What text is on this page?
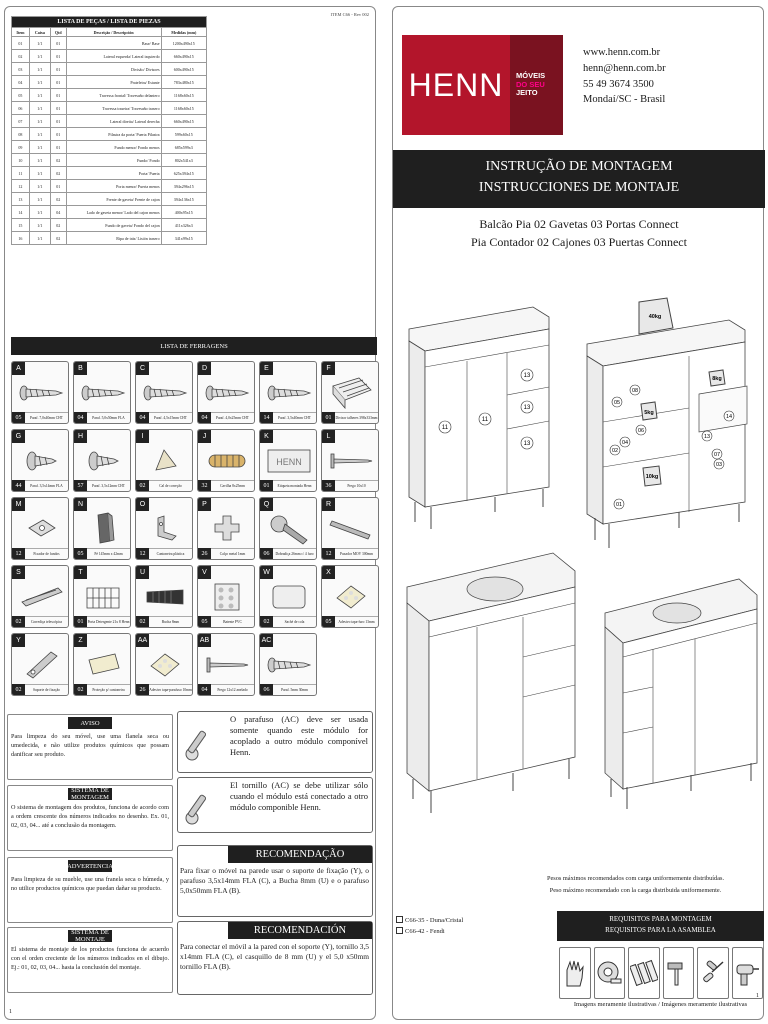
ITEM C66 - Rev 002
LISTA DE PEÇAS / LISTA DE PIEZAS				
Item	Caixa	Qtd	Descrição / Descripción	Medidas (mm)
01	1/1	01	Base/ Base	1200x490x15
02	1/1	01	Lateral esquerda/ Lateral izquierdo	660x490x15
03	1/1	01	Divisão/ Divisoes	600x490x15
04	1/1	01	Prateleira/ Estante	783x480x15
05	1/1	01	Travessa frontal/ Travesaño delantero	1168x60x15
06	1/1	01	Travessa traseira/ Travesaño trasero	1168x60x15
07	1/1	01	Lateral direita/ Lateral derecha	660x490x15
08	1/1	01	Pilastra da porta/ Puerta Pilastra	599x60x15
09	1/1	01	Fundo menor/ Fondo menos	685x599x3
10	1/1	02	Fundo/ Fondo	802x541x3
11	1/1	02	Porta/ Puerta	625x394x15
12	1/1	01	Porta menor/ Puerta menos	394x296x15
13	1/1	02	Frente de gaveta/ Frente de cajon	394x136x15
14	1/1	04	Lado de gaveta menor/ Lado del cajon menos	400x95x15
15	1/1	02	Fundo de gaveta/ Fondo del cajon	411x326x3
16	1/1	02	Ripa de trás/ Listón trasero	341x99x15
LISTA DE FERRAGENS
A
05	Paraf. 7,0x40mm CHT
B
04	Paraf. 5,0x50mm FLA
C
04	Paraf. 4,5x15mm CHT
D
04	Paraf. 4,0x25mm CHT
E
14	Paraf. 3,5x40mm CHT
F
01	Divisor talheres 398x333mm
G
44	Paraf. 3,5x14mm FLA
H
57	Paraf. 3,5x12mm CHT
I
02	Cal de correção
J
32	Cavilha 8x25mm
K
HENN
01	Etiqueta montada Henn
L
36	Prego 10x10
M
12	Fixador de fundos
N
05	Pé 145mm x 42mm
O
12	Cantoneira plástica
P
26	Calço metal 1mm
Q
06	Dobradiça 26mm c/ 4 furo
R
12	Puxador MOV 300mm
S
02	Corrediça telescópica
T
01	Porta Detergente 21x 8 Henn
U
02	Bucha 8mm
V
05	Batente PVC
W
02	Saché de cola
X
05	Adesivo tapa-furo 13mm
Y
02	Suporte de fixação
Z
02	Proteção p/ cantoneira
AA
26	Adesivo tapa-parafuso 10mm
AB
04	Prego 12x12 anelado
AC
06	Paraf. 5mm 30mm
AVISO

Para limpeza do seu móvel, use uma flanela seca ou umedecida, e não utilize produtos químicos que possam danificar seu produto.

SISTEMA DE MONTAGEM

O sistema de montagem dos produtos, funciona de acordo com a ordem crescente dos números indicados no desenho. Ex. 01, 02, 03, 04... até a conclusão da montagem.

ADVERTENCIA

Para limpieza de su mueble, use una franela seca o húmeda, y no utilice productos químicos que puedan dañar su producto.

SISTEMA DE MONTAJE

El sistema de montaje de los productos funciona de acuerdo con el orden creciente de los números indicados en el dibujo. Ej.: 01, 02, 03, 04... hasta la conclusión del montaje.

O parafuso (AC) deve ser usada somente quando este módulo for acoplado a outro módulo componível Henn.
El tornillo (AC) se debe utilizar sólo cuando el módulo está conectado a otro módulo componible Henn.
RECOMENDAÇÃO

Para fixar o móvel na parede usar o suporte de fixação (Y), o parafuso 3,5x14mm FLA (C), a Bucha 8mm (U) e o parafuso 5,0x50mm FLA (B).

RECOMENDACIÓN

Para conectar el móvil a la pared con el soporte (Y), tornillo 3,5 x14mm FLA (C), el casquillo de 8 mm (U) y el 5,0 x50mm tornillo FLA (B).

1
HENN MÓVEIS
DO SEU
JEITO
www.henn.com.br
henn@henn.com.br
55 49 3674 3500
Mondaí/SC - Brasil
INSTRUÇÃO DE MONTAGEM
INSTRUCCIONES DE MONTAJE
Balcão Pia 02 Gavetas 03 Portas Connect
Pia Contador 02 Cajones 03 Puertas Connect
11
11
13
13
13
05
06
04
02
01
07
14
13
03
08
40kg
8kg
5kg
10kg
Pesos máximos recomendados com carga uniformemente distribuídas.
Peso máximo recomendado con la carga distribuida uniformemente.
C66-35 - Duna/Cristal
C66-42 - Fendi
REQUISITOS PARA MONTAGEM
REQUISITOS PARA LA ASAMBLEA
Imagens meramente ilustrativas / Imágenes meramente ilustrativas
1
